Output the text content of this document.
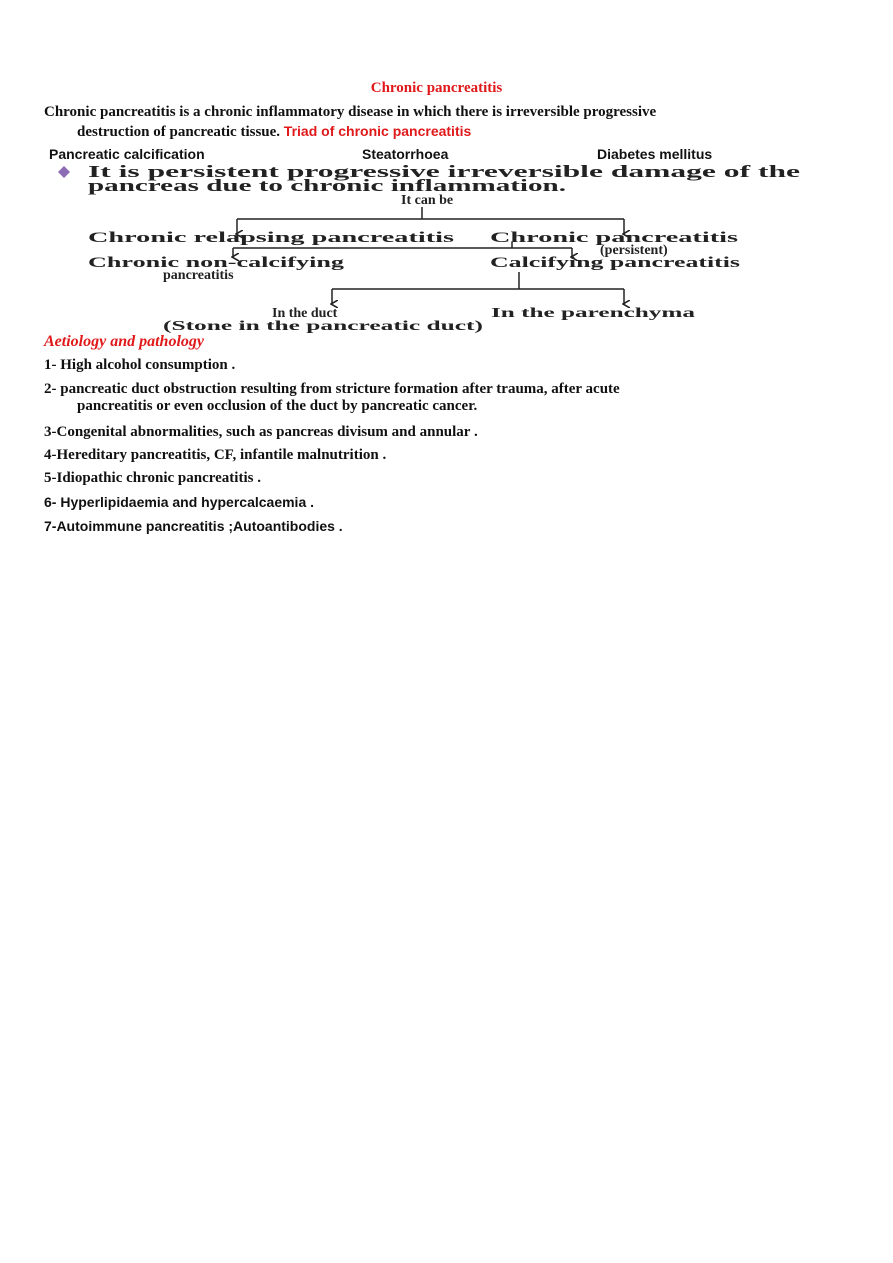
Chronic pancreatitis
Chronic pancreatitis is a chronic inflammatory disease in which there is irreversible progressive
destruction of pancreatic tissue. Triad of chronic pancreatitis
Pancreatic calcification	Steatorrhoea	Diabetes mellitus
It is persistent progressive irreversible damage of the
pancreas due to chronic inflammation.
It can be
Chronic relapsing pancreatitis Chronic pancreatitis
(persistent)
Chronic non-calcifying
pancreatitis
Calcifying pancreatitis
In the duct
(Stone in the pancreatic duct)
In the parenchyma
Aetiology and pathology
1- High alcohol consumption .
2- pancreatic duct obstruction resulting from stricture formation after trauma, after acute
pancreatitis or even occlusion of the duct by pancreatic cancer.
3-Congenital abnormalities, such as pancreas divisum and annular .
4-Hereditary pancreatitis, CF, infantile malnutrition .
5-Idiopathic chronic pancreatitis .
6- Hyperlipidaemia and hypercalcaemia .
7-Autoimmune pancreatitis ;Autoantibodies .
